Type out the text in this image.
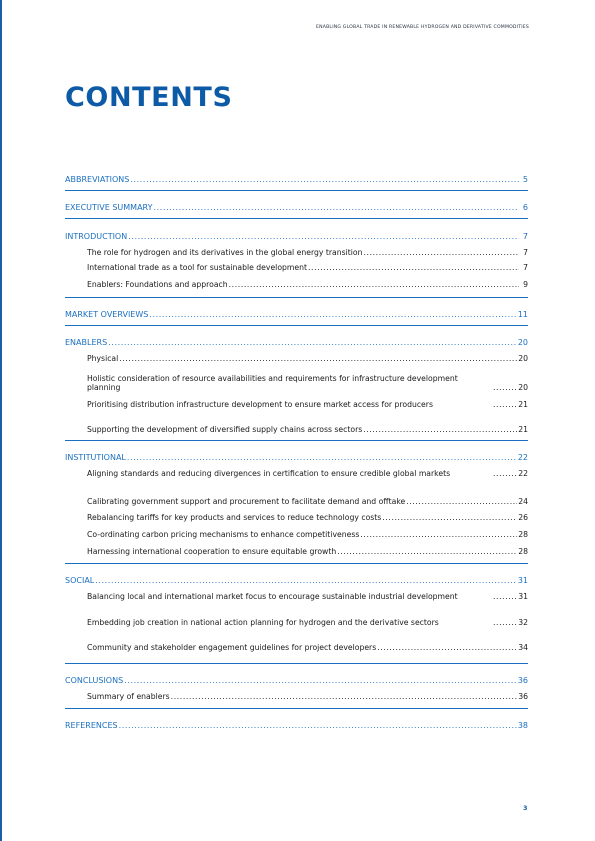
ENABLING GLOBAL TRADE IN RENEWABLE HYDROGEN AND DERIVATIVE COMMODITIES
CONTENTS
ABBREVIATIONS .....	5
EXECUTIVE SUMMARY .....	6
INTRODUCTION .....	7
The role for hydrogen and its derivatives in the global energy transition .....	7
International trade as a tool for sustainable development .....	7
Enablers: Foundations and approach .....	9
MARKET OVERVIEWS .....	11
ENABLERS .....	20
Physical .....	20
Holistic consideration of resource availabilities and requirements for infrastructure development planning .....	20
Prioritising distribution infrastructure development to ensure market access for producers .....	21
Supporting the development of diversified supply chains across sectors .....	21
INSTITUTIONAL .....	22
Aligning standards and reducing divergences in certification to ensure credible global markets .....	22
Calibrating government support and procurement to facilitate demand and offtake .....	24
Rebalancing tariffs for key products and services to reduce technology costs .....	26
Co-ordinating carbon pricing mechanisms to enhance competitiveness .....	28
Harnessing international cooperation to ensure equitable growth .....	28
SOCIAL .....	31
Balancing local and international market focus to encourage sustainable industrial development .....	31
Embedding job creation in national action planning for hydrogen and the derivative sectors .....	32
Community and stakeholder engagement guidelines for project developers .....	34
CONCLUSIONS .....	36
Summary of enablers .....	36
REFERENCES .....	38
3
